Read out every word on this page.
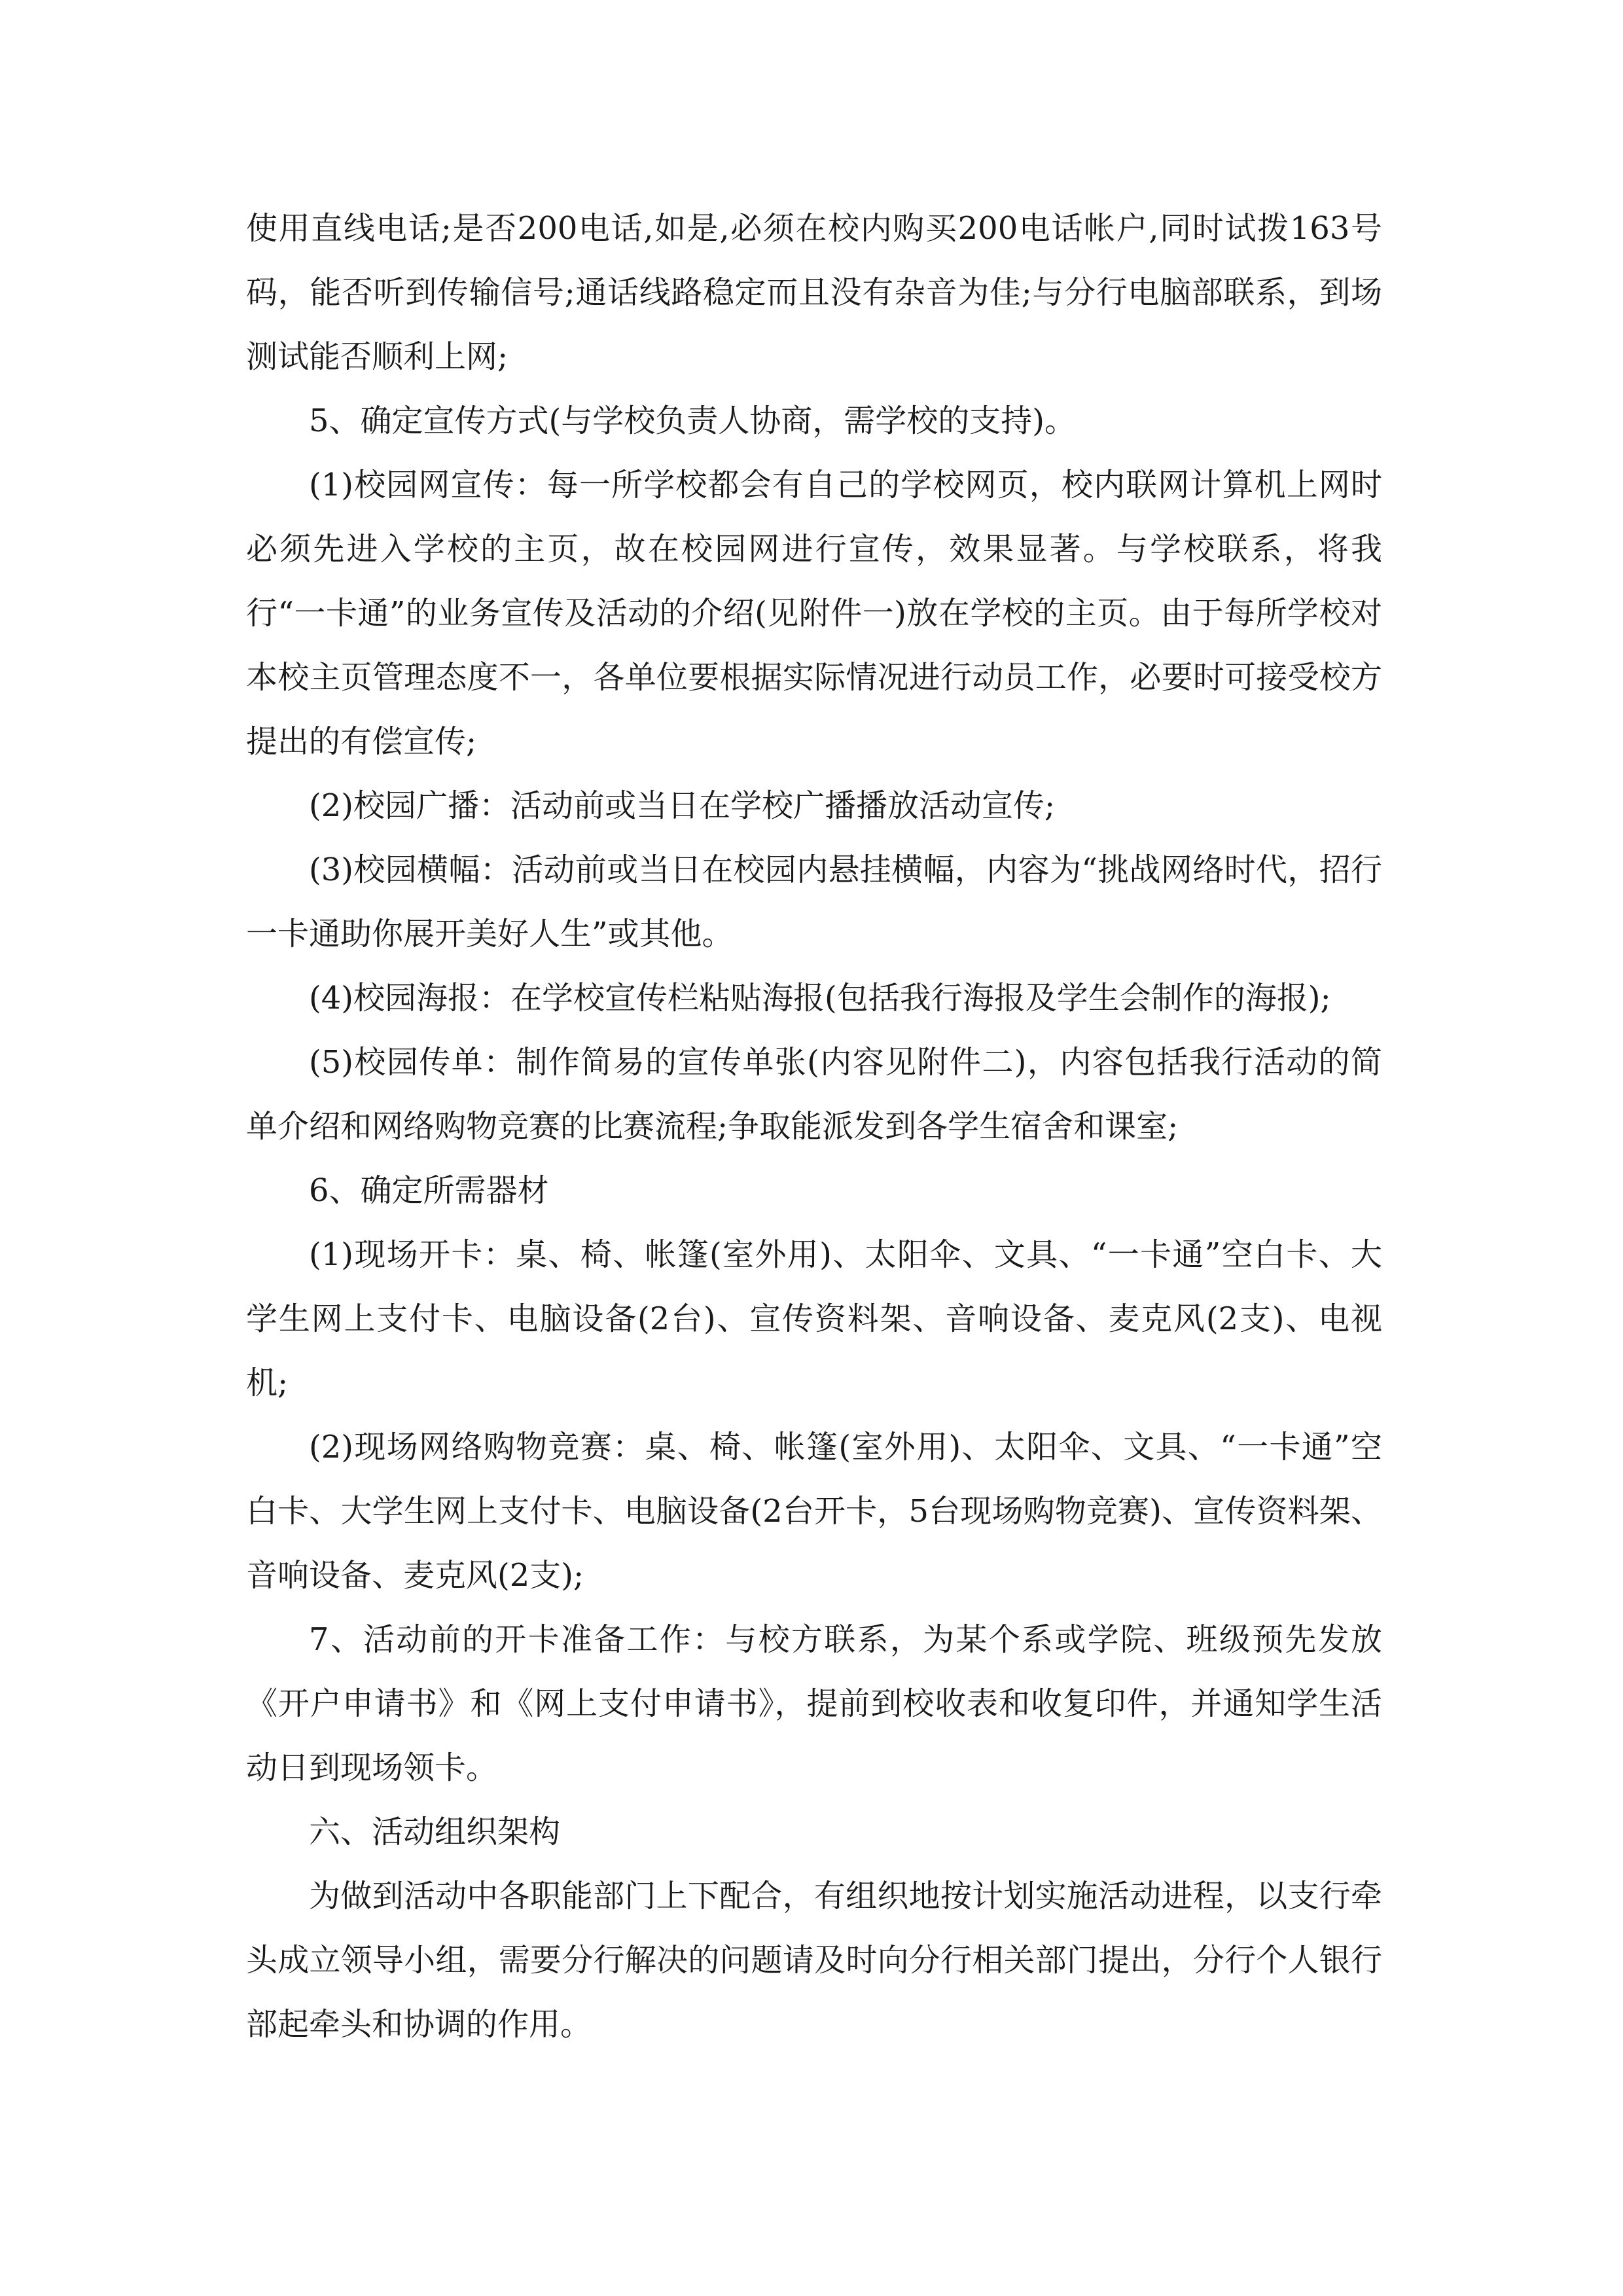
使用直线电话;是否200电话,如是,必须在校内购买200电话帐户,同时试拨163号码，能否听到传输信号;通话线路稳定而且没有杂音为佳;与分行电脑部联系，到场测试能否顺利上网;

5、确定宣传方式(与学校负责人协商，需学校的支持)。

(1)校园网宣传：每一所学校都会有自己的学校网页，校内联网计算机上网时必须先进入学校的主页，故在校园网进行宣传，效果显著。与学校联系，将我行“一卡通”的业务宣传及活动的介绍(见附件一)放在学校的主页。由于每所学校对本校主页管理态度不一，各单位要根据实际情况进行动员工作，必要时可接受校方提出的有偿宣传;

(2)校园广播：活动前或当日在学校广播播放活动宣传;

(3)校园横幅：活动前或当日在校园内悬挂横幅，内容为“挑战网络时代，招行一卡通助你展开美好人生”或其他。

(4)校园海报：在学校宣传栏粘贴海报(包括我行海报及学生会制作的海报);

(5)校园传单：制作简易的宣传单张(内容见附件二)，内容包括我行活动的简单介绍和网络购物竞赛的比赛流程;争取能派发到各学生宿舍和课室;

6、确定所需器材

(1)现场开卡：桌、椅、帐篷(室外用)、太阳伞、文具、“一卡通”空白卡、大学生网上支付卡、电脑设备(2台)、宣传资料架、音响设备、麦克风(2支)、电视机;

(2)现场网络购物竞赛：桌、椅、帐篷(室外用)、太阳伞、文具、“一卡通”空白卡、大学生网上支付卡、电脑设备(2台开卡，5台现场购物竞赛)、宣传资料架、音响设备、麦克风(2支);

7、活动前的开卡准备工作：与校方联系，为某个系或学院、班级预先发放《开户申请书》和《网上支付申请书》，提前到校收表和收复印件，并通知学生活动日到现场领卡。

六、活动组织架构

为做到活动中各职能部门上下配合，有组织地按计划实施活动进程，以支行牵头成立领导小组，需要分行解决的问题请及时向分行相关部门提出，分行个人银行部起牵头和协调的作用。
